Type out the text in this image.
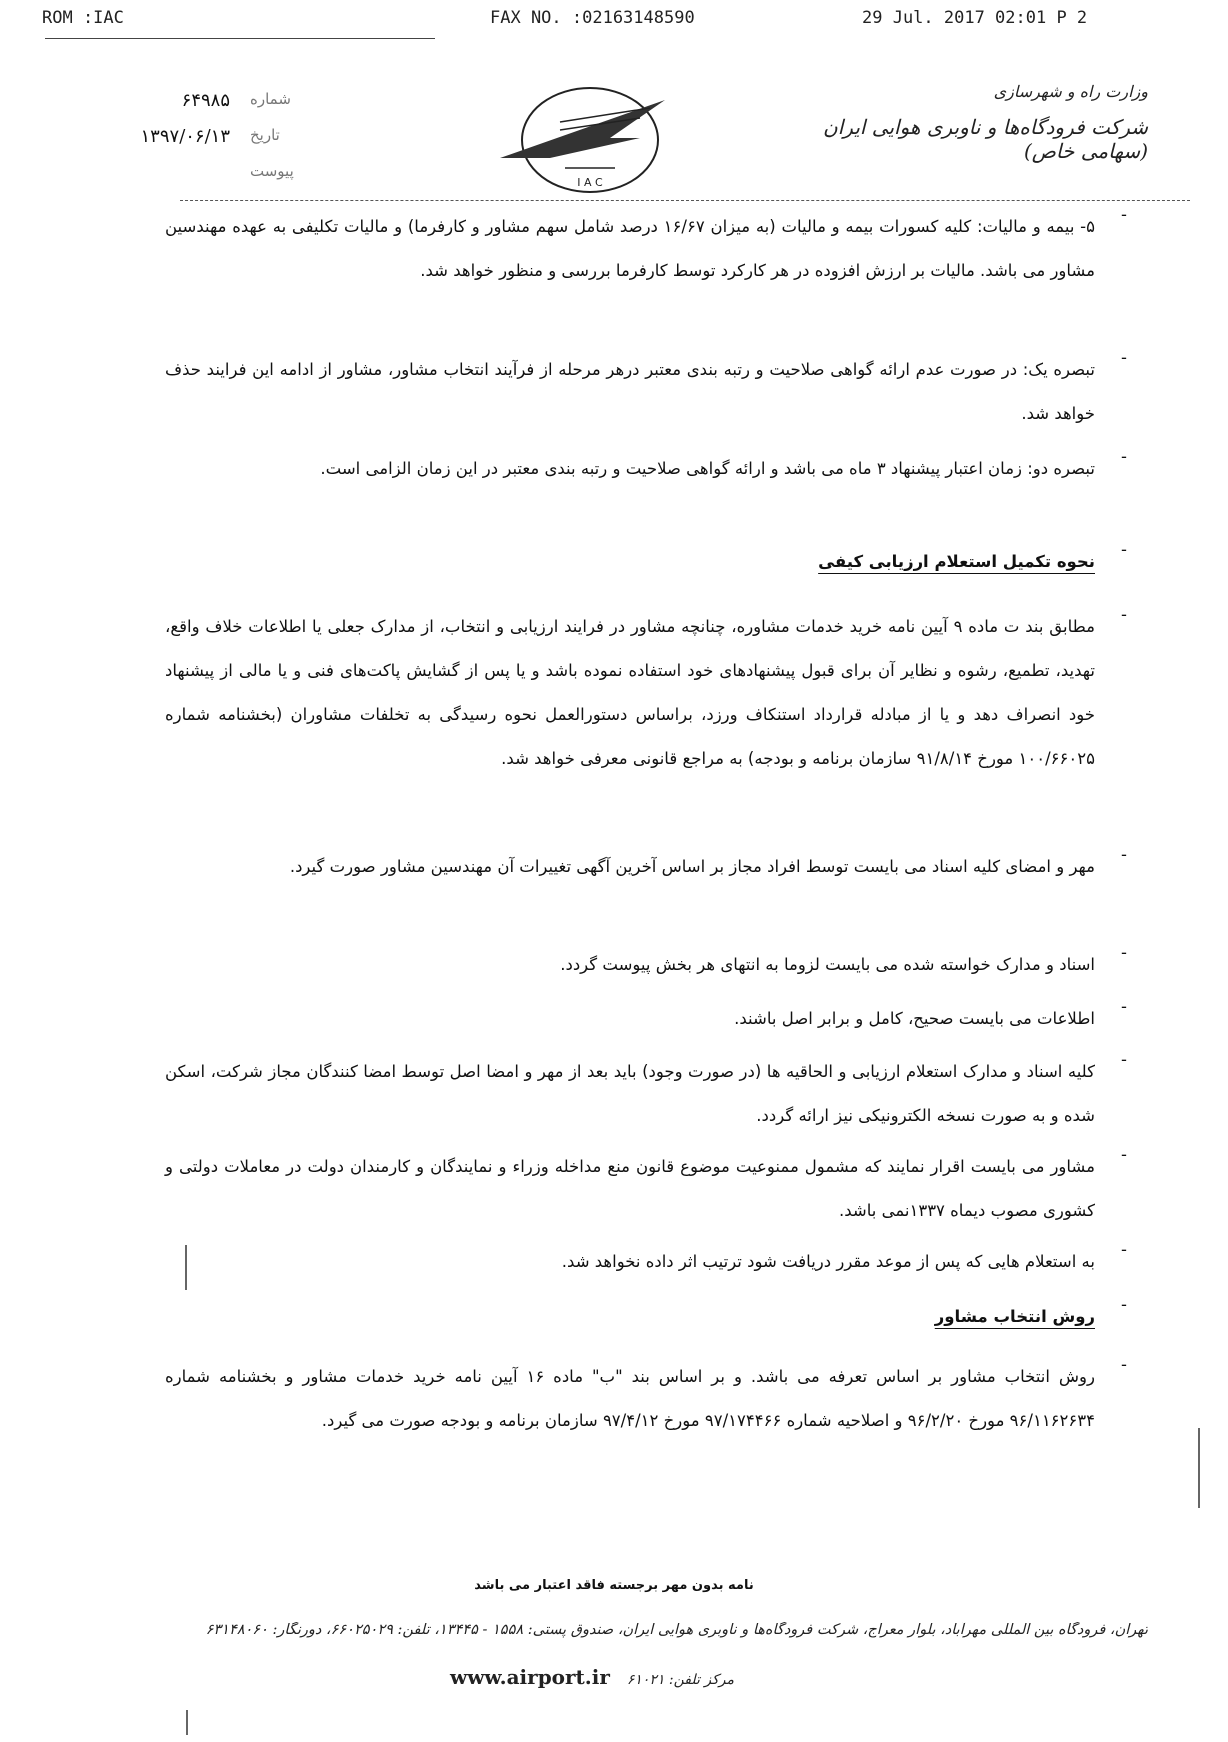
ROM :IAC	FAX NO. :02163148590	29 Jul. 2017 02:01 P 2
۶۴۹۸۵ شماره
۱۳۹۷/۰۶/۱۳ تاریخ
پیوست
I A C
وزارت راه و شهرسازی
شرکت فرودگاه‌ها و ناوبری هوایی ایران (سهامی خاص)
-

۵- بیمه و مالیات: کلیه کسورات بیمه و مالیات (به میزان ۱۶/۶۷ درصد شامل سهم مشاور و کارفرما) و مالیات تکلیفی به عهده مهندسین مشاور می باشد. مالیات بر ارزش افزوده در هر کارکرد توسط کارفرما بررسی و منظور خواهد شد.

-

تبصره یک: در صورت عدم ارائه گواهی صلاحیت و رتبه بندی معتبر درهر مرحله از فرآیند انتخاب مشاور، مشاور از ادامه این فرایند حذف خواهد شد.

-

تبصره دو: زمان اعتبار پیشنهاد ۳ ماه می باشد و ارائه گواهی صلاحیت و رتبه بندی معتبر در این زمان الزامی است.

-

نحوه تکمیل استعلام ارزیابی کیفی

-

مطابق بند ت ماده ۹ آیین نامه خرید خدمات مشاوره، چنانچه مشاور در فرایند ارزیابی و انتخاب، از مدارک جعلی یا اطلاعات خلاف واقع، تهدید، تطمیع، رشوه و نظایر آن برای قبول پیشنهادهای خود استفاده نموده باشد و یا پس از گشایش پاکت‌های فنی و یا مالی از پیشنهاد خود انصراف دهد و یا از مبادله قرارداد استنکاف ورزد، براساس دستورالعمل نحوه رسیدگی به تخلفات مشاوران (بخشنامه شماره ۱۰۰/۶۶۰۲۵ مورخ ۹۱/۸/۱۴ سازمان برنامه و بودجه) به مراجع قانونی معرفی خواهد شد.

-

مهر و امضای کلیه اسناد می بایست توسط افراد مجاز بر اساس آخرین آگهی تغییرات آن مهندسین مشاور صورت گیرد.

-

اسناد و مدارک خواسته شده می بایست لزوما به انتهای هر بخش پیوست گردد.

-

اطلاعات می بایست صحیح، کامل و برابر اصل باشند.

-

کلیه اسناد و مدارک استعلام ارزیابی و الحاقیه ها (در صورت وجود) باید بعد از مهر و امضا اصل توسط امضا کنندگان مجاز شرکت، اسکن شده و به صورت نسخه الکترونیکی نیز ارائه گردد.

-

مشاور می بایست اقرار نمایند که مشمول ممنوعیت موضوع قانون منع مداخله وزراء و نمایندگان و کارمندان دولت در معاملات دولتی و کشوری مصوب دیماه ۱۳۳۷نمی باشد.

-

به استعلام هایی که پس از موعد مقرر دریافت شود ترتیب اثر داده نخواهد شد.

-

روش انتخاب مشاور

-

روش انتخاب مشاور بر اساس تعرفه می باشد. و بر اساس بند "ب" ماده ۱۶ آیین نامه خرید خدمات مشاور و بخشنامه شماره ۹۶/۱۱۶۲۶۳۴ مورخ ۹۶/۲/۲۰ و اصلاحیه شماره ۹۷/۱۷۴۴۶۶ مورخ ۹۷/۴/۱۲ سازمان برنامه و بودجه صورت می گیرد.

نامه بدون مهر برجسته فاقد اعتبار می باشد
تهران، فرودگاه بین المللی مهرآباد، بلوار معراج، شرکت فرودگاه‌ها و ناوبری هوایی ایران، صندوق پستی: ۱۵۵۸ - ۱۳۴۴۵، تلفن: ۶۶۰۲۵۰۲۹، دورنگار: ۶۳۱۴۸۰۶۰
www.airport.ir مرکز تلفن: ۶۱۰۲۱
